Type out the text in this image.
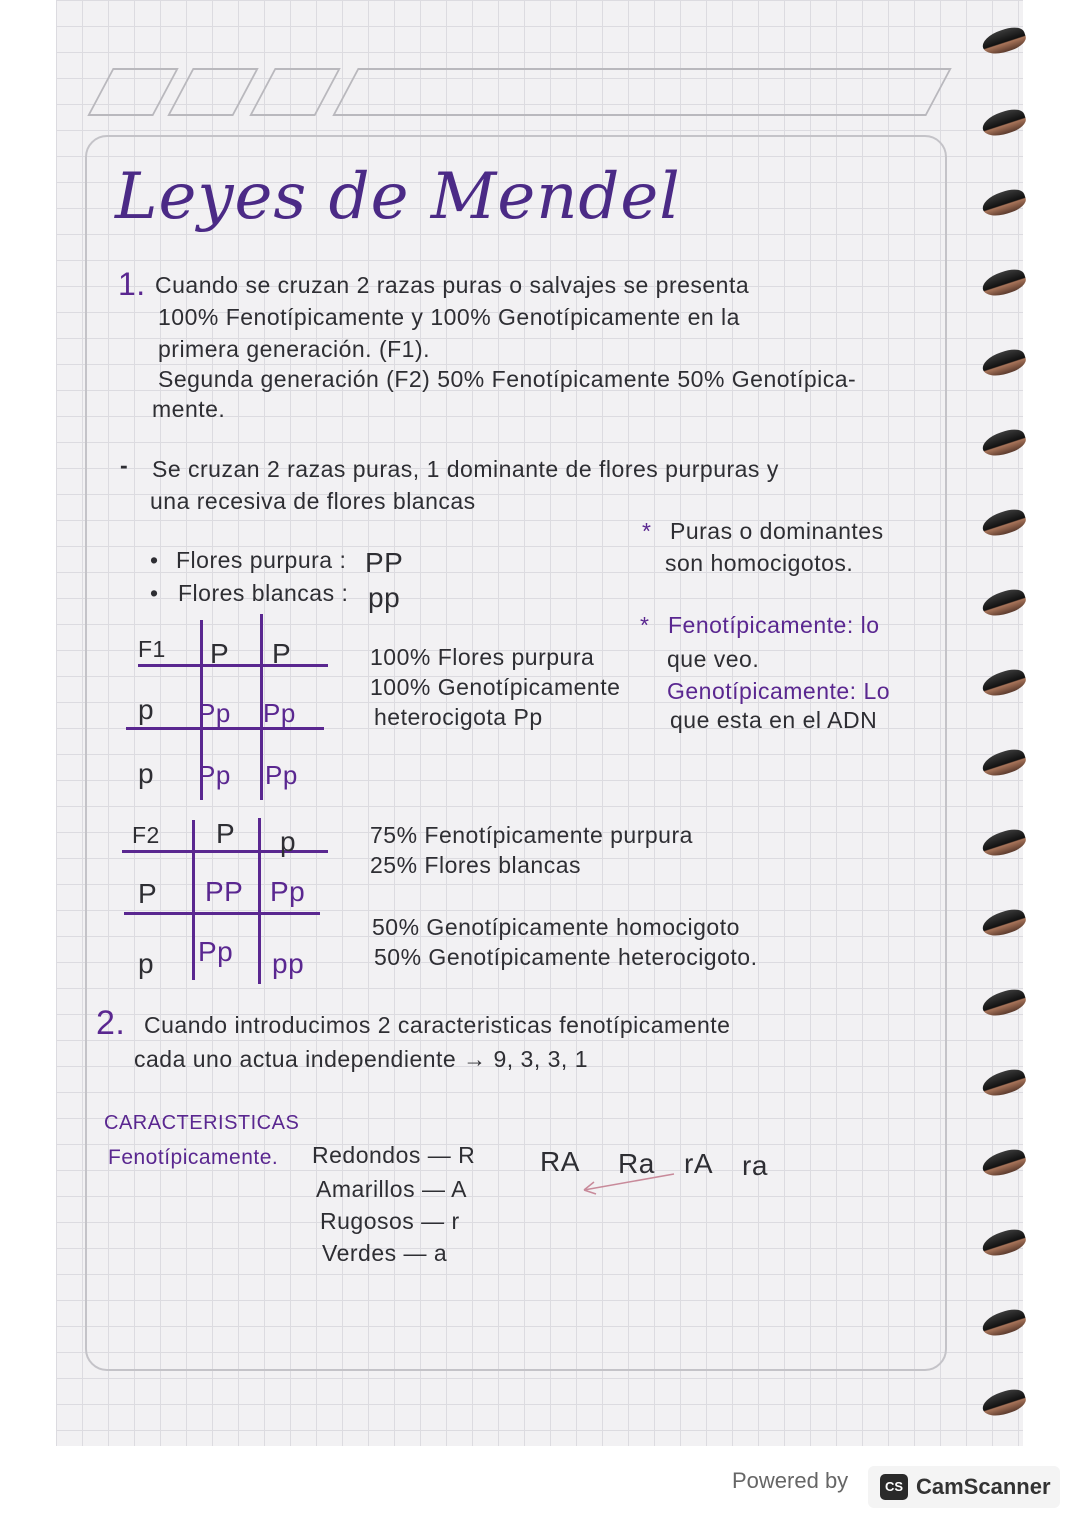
Leyes de Mendel
1. Cuando se cruzan 2 razas puras o salvajes se presenta
100% Fenotípicamente y 100% Genotípicamente en la
primera generación. (F1).
Segunda generación (F2) 50% Fenotípicamente 50% Genotípica-
mente.
- Se cruzan 2 razas puras, 1 dominante de flores purpuras y
una recesiva de flores blancas
• Flores purpura : PP
• Flores blancas : pp
* Puras o dominantes
son homocigotos.
* Fenotípicamente: lo
que veo.
Genotípicamente: Lo
que esta en el ADN
F1 P P
p Pp Pp
p Pp Pp
100% Flores purpura
100% Genotípicamente
heterocigota Pp
F2 P p
P PP Pp
p Pp pp
75% Fenotípicamente purpura
25% Flores blancas
50% Genotípicamente homocigoto
50% Genotípicamente heterocigoto.
2. Cuando introducimos 2 caracteristicas fenotípicamente
cada uno actua independiente → 9, 3, 3, 1
CARACTERISTICAS
Fenotípicamente. Redondos — R
Amarillos — A
Rugosos — r
Verdes — a
RA Ra rA ra
Powered by	CS CamScanner
